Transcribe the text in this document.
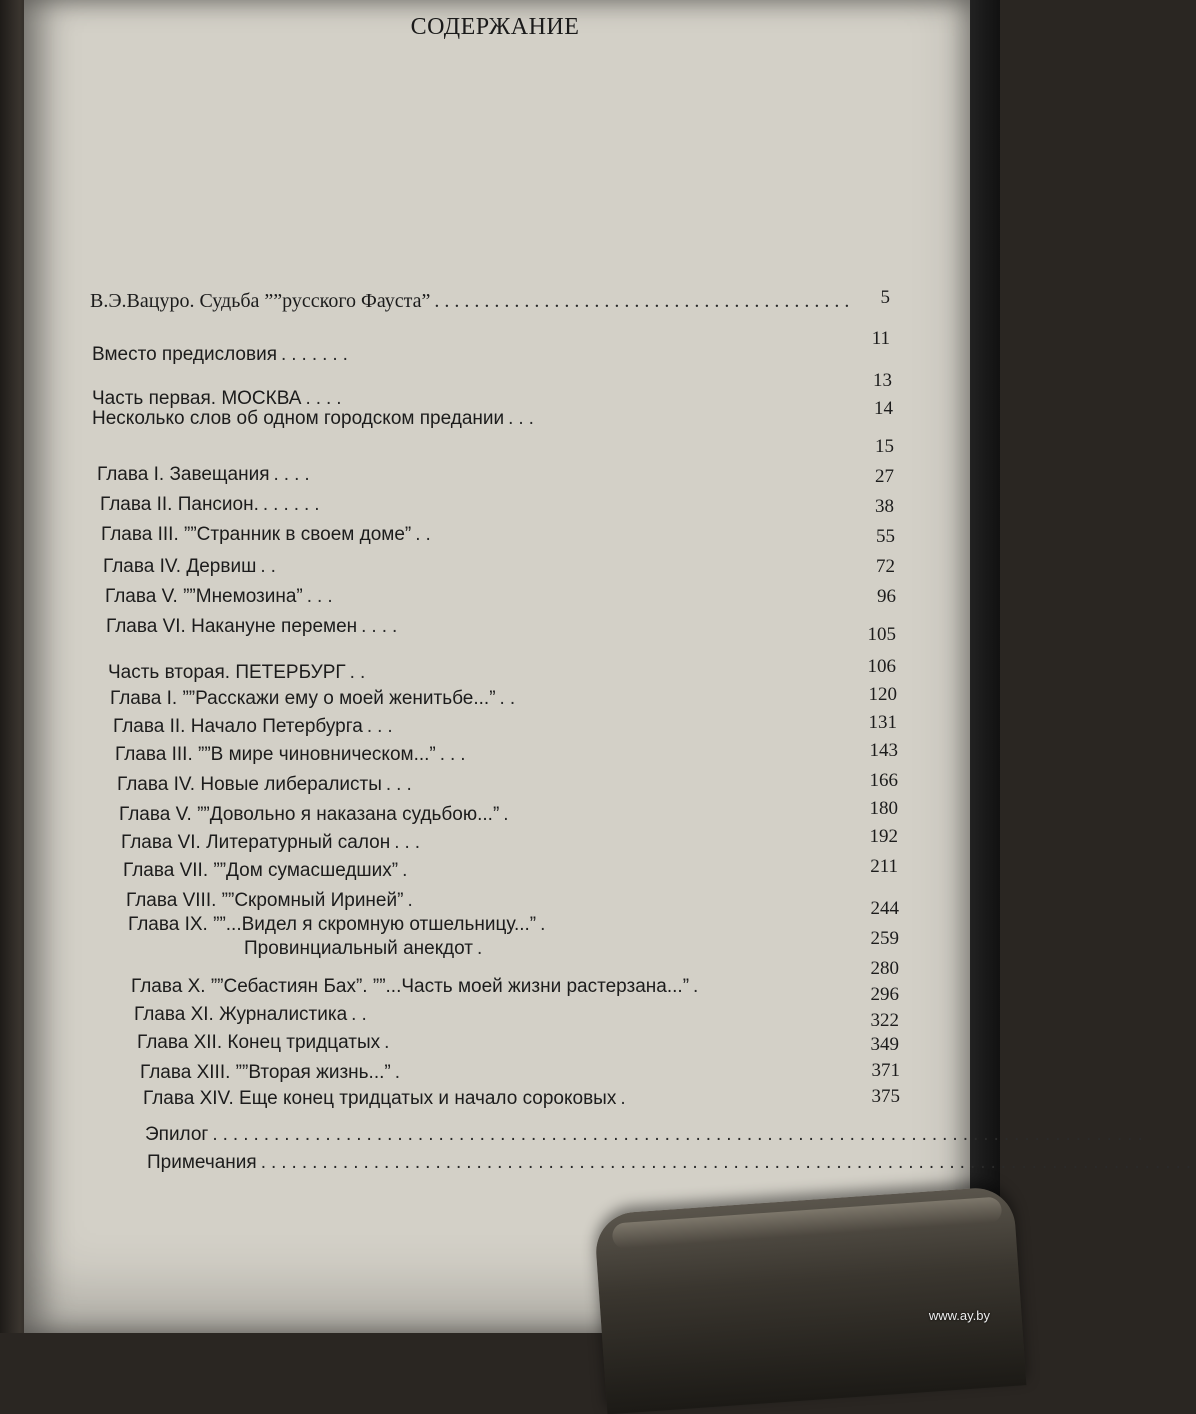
СОДЕРЖАНИЕ
В.Э.Вацуро. Судьба ””русского Фауста” ..........................................
Вместо предисловия .......
Часть первая. МОСКВА ....
Несколько слов об одном городском предании ...
Глава I. Завещания ....
Глава II. Пансион. ......
Глава III. ””Странник в своем доме” ..
Глава IV. Дервиш ..
Глава V. ””Мнемозина” ...
Глава VI. Накануне перемен ....
Часть вторая. ПЕТЕРБУРГ ..
Глава I. ””Расскажи ему о моей женитьбе...” ..
Глава II. Начало Петербурга ...
Глава III. ””В мире чиновническом...” ...
Глава IV. Новые либералисты ...
Глава V. ””Довольно я наказана судьбою...” .
Глава VI. Литературный салон ...
Глава VII. ””Дом сумасшедших” .
Глава VIII. ””Скромный Ириней” .
Глава IX. ””...Видел я скромную отшельницу...” .
Провинциальный анекдот .
Глава X. ””Себастиян Бах”. ””...Часть моей жизни растерзана...” .
Глава XI. Журналистика ..
Глава XII. Конец тридцатых .
Глава XIII. ””Вторая жизнь...” .
Глава XIV. Еще конец тридцатых и начало сороковых .
Эпилог ...........................................................................................
Примечания ...........................................................................................
5
11
13
14
15
27
38
55
72
96
105
106
120
131
143
166
180
192
211
244
259
280
296
322
349
371
375
www.ay.by
